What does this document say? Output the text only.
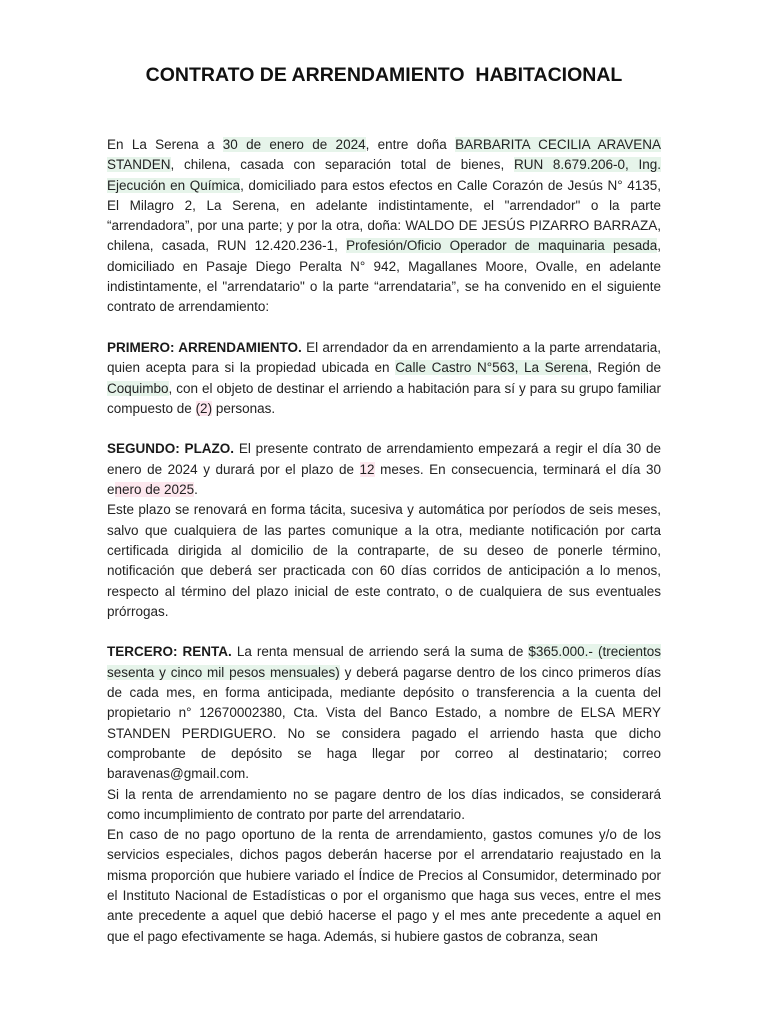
CONTRATO DE ARRENDAMIENTO  HABITACIONAL

En La Serena a 30 de enero de 2024, entre doña BARBARITA CECILIA ARAVENA STANDEN, chilena, casada con separación total de bienes, RUN 8.679.206-0, Ing. Ejecución en Química, domiciliado para estos efectos en Calle Corazón de Jesús N° 4135, El Milagro 2, La Serena, en adelante indistintamente, el "arrendador" o la parte “arrendadora”, por una parte; y por la otra, doña: WALDO DE JESÚS PIZARRO BARRAZA, chilena, casada, RUN 12.420.236-1, Profesión/Oficio Operador de maquinaria pesada, domiciliado en Pasaje Diego Peralta N° 942, Magallanes Moore, Ovalle, en adelante indistintamente, el "arrendatario" o la parte “arrendataria”, se ha convenido en el siguiente contrato de arrendamiento:

PRIMERO: ARRENDAMIENTO. El arrendador da en arrendamiento a la parte arrendataria, quien acepta para si la propiedad ubicada en Calle Castro N°563, La Serena, Región de Coquimbo, con el objeto de destinar el arriendo a habitación para sí y para su grupo familiar compuesto de (2) personas.

SEGUNDO: PLAZO. El presente contrato de arrendamiento empezará a regir el día 30 de enero de 2024 y durará por el plazo de 12 meses. En consecuencia, terminará el día 30 enero de 2025.

Este plazo se renovará en forma tácita, sucesiva y automática por períodos de seis meses, salvo que cualquiera de las partes comunique a la otra, mediante notificación por carta certificada dirigida al domicilio de la contraparte, de su deseo de ponerle término, notificación que deberá ser practicada con 60 días corridos de anticipación a lo menos, respecto al término del plazo inicial de este contrato, o de cualquiera de sus eventuales prórrogas.

TERCERO: RENTA. La renta mensual de arriendo será la suma de $365.000.- (trecientos sesenta y cinco mil pesos mensuales) y deberá pagarse dentro de los cinco primeros días de cada mes, en forma anticipada, mediante depósito o transferencia a la cuenta del propietario n° 12670002380, Cta. Vista del Banco Estado, a nombre de ELSA MERY STANDEN PERDIGUERO. No se considera pagado el arriendo hasta que dicho comprobante de depósito se haga llegar por correo al destinatario; correo baravenas@gmail.com.

Si la renta de arrendamiento no se pagare dentro de los días indicados, se considerará como incumplimiento de contrato por parte del arrendatario.

En caso de no pago oportuno de la renta de arrendamiento, gastos comunes y/o de los servicios especiales, dichos pagos deberán hacerse por el arrendatario reajustado en la misma proporción que hubiere variado el Índice de Precios al Consumidor, determinado por el Instituto Nacional de Estadísticas o por el organismo que haga sus veces, entre el mes ante precedente a aquel que debió hacerse el pago y el mes ante precedente a aquel en que el pago efectivamente se haga. Además, si hubiere gastos de cobranza, sean
